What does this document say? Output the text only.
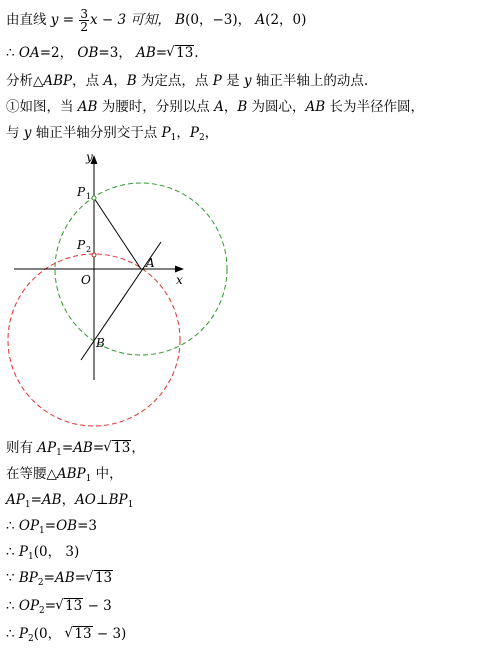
由直线 $y = \frac{3}{2}$ x − 3 可知， B(0，−3)， A(2，0)
∴ OA=2， OB=3， AB=√ 13.
分析△ABP，点 A，B 为定点，点 P 是 y 轴正半轴上的动点.
①如图，当 AB 为腰时，分别以点 A，B 为圆心，AB 长为半径作圆，
与 y 轴正半轴分别交于点 $P_1$，$P_2$，
y
x
O
A
B
P 1
P 2
则有 $AP_1=AB=√$ 13，
在等腰$\triangle ABP_1$ 中，
$AP_1=AB$，$AO\perp BP_1$
∴ $OP_1=OB=3$
∴ $P_1(0$， 3)
∵ $BP_2=AB=√$ 13
∴ $OP_2=√$ 13 − 3
∴ $P_2(0$， √ 13 − 3)
